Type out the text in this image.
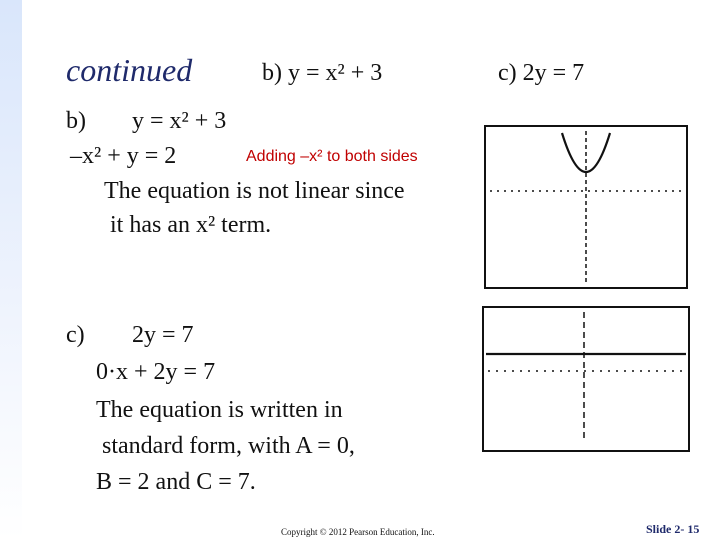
continued	b) y = x² + 3	c) 2y = 7
b) y = x² + 3
–x² + y = 2	Adding –x² to both sides
The equation is not linear since
it has an x² term.
c) 2y = 7
0·x + 2y = 7
The equation is written in
standard form, with A = 0,
B = 2 and C = 7.
Copyright © 2012 Pearson Education, Inc.	Slide 2- 15
